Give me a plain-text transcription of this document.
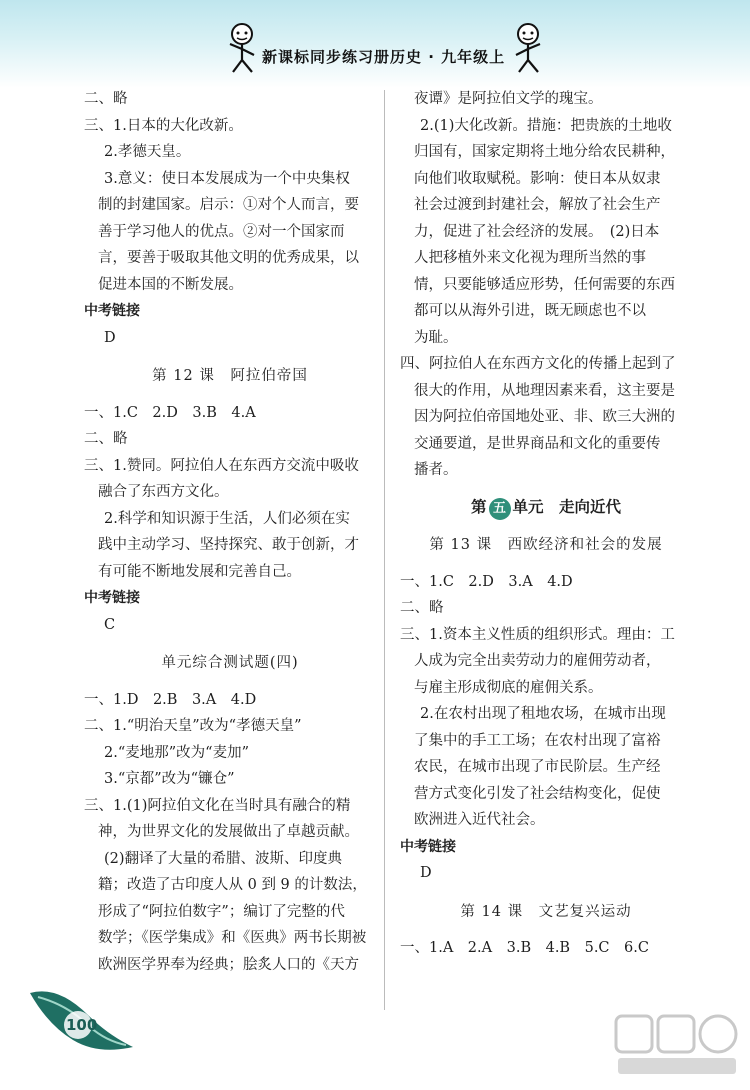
新课标同步练习册历史 · 九年级上
二、略
三、1.日本的大化改新。
2.孝德天皇。
3.意义：使日本发展成为一个中央集权
制的封建国家。启示：①对个人而言，要
善于学习他人的优点。②对一个国家而
言，要善于吸取其他文明的优秀成果，以
促进本国的不断发展。
中考链接
D
第 12 课　阿拉伯帝国
一、1.C　2.D　3.B　4.A
二、略
三、1.赞同。阿拉伯人在东西方交流中吸收
融合了东西方文化。
2.科学和知识源于生活，人们必须在实
践中主动学习、坚持探究、敢于创新，才
有可能不断地发展和完善自己。
中考链接
C
单元综合测试题(四)
一、1.D　2.B　3.A　4.D
二、1.“明治天皇”改为“孝德天皇”
2.“麦地那”改为“麦加”
3.“京都”改为“镰仓”
三、1.(1)阿拉伯文化在当时具有融合的精
神，为世界文化的发展做出了卓越贡献。
(2)翻译了大量的希腊、波斯、印度典
籍；改造了古印度人从 0 到 9 的计数法，
形成了“阿拉伯数字”；编订了完整的代
数学；《医学集成》和《医典》两书长期被
欧洲医学界奉为经典；脍炙人口的《天方
夜谭》是阿拉伯文学的瑰宝。
2.(1)大化改新。措施：把贵族的土地收
归国有，国家定期将土地分给农民耕种，
向他们收取赋税。影响：使日本从奴隶
社会过渡到封建社会，解放了社会生产
力，促进了社会经济的发展。　(2)日本
人把移植外来文化视为理所当然的事
情，只要能够适应形势，任何需要的东西
都可以从海外引进，既无顾虑也不以
为耻。
四、阿拉伯人在东西方文化的传播上起到了
很大的作用，从地理因素来看，这主要是
因为阿拉伯帝国地处亚、非、欧三大洲的
交通要道，是世界商品和文化的重要传
播者。
第 五 单元　走向近代
第 13 课　西欧经济和社会的发展
一、1.C　2.D　3.A　4.D
二、略
三、1.资本主义性质的组织形式。理由：工
人成为完全出卖劳动力的雇佣劳动者，
与雇主形成彻底的雇佣关系。
2.在农村出现了租地农场，在城市出现
了集中的手工工场；在农村出现了富裕
农民，在城市出现了市民阶层。生产经
营方式变化引发了社会结构变化，促使
欧洲进入近代社会。
中考链接
D
第 14 课　文艺复兴运动
一、1.A　2.A　3.B　4.B　5.C　6.C
100
